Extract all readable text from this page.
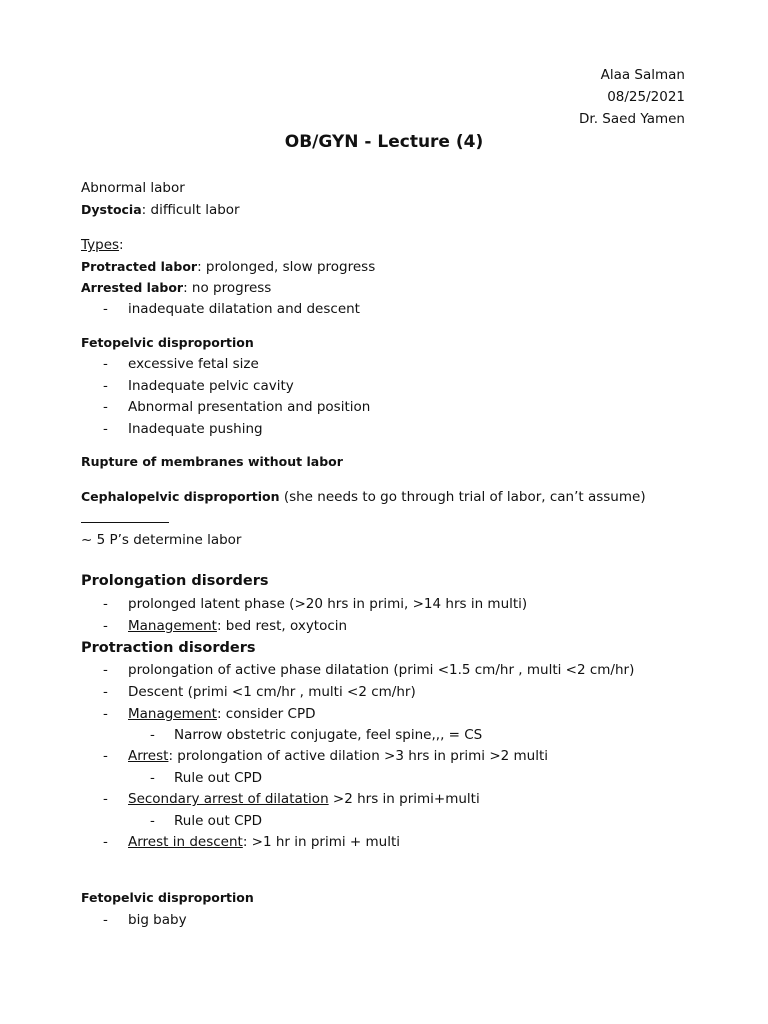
Alaa Salman
08/25/2021
Dr. Saed Yamen
OB/GYN - Lecture (4)
Abnormal labor
Dystocia: difficult labor
Types:
Protracted labor: prolonged, slow progress
Arrested labor: no progress
- inadequate dilatation and descent
Fetopelvic disproportion
- excessive fetal size
- Inadequate pelvic cavity
- Abnormal presentation and position
- Inadequate pushing
Rupture of membranes without labor
Cephalopelvic disproportion (she needs to go through trial of labor, can’t assume)
~ 5 P’s determine labor
Prolongation disorders
- prolonged latent phase (>20 hrs in primi, >14 hrs in multi)
- Management: bed rest, oxytocin
Protraction disorders
- prolongation of active phase dilatation (primi <1.5 cm/hr , multi <2 cm/hr)
- Descent (primi <1 cm/hr , multi <2 cm/hr)
- Management: consider CPD
- Narrow obstetric conjugate, feel spine,,, = CS
- Arrest: prolongation of active dilation >3 hrs in primi >2 multi
- Rule out CPD
- Secondary arrest of dilatation >2 hrs in primi+multi
- Rule out CPD
- Arrest in descent: >1 hr in primi + multi
Fetopelvic disproportion
- big baby
